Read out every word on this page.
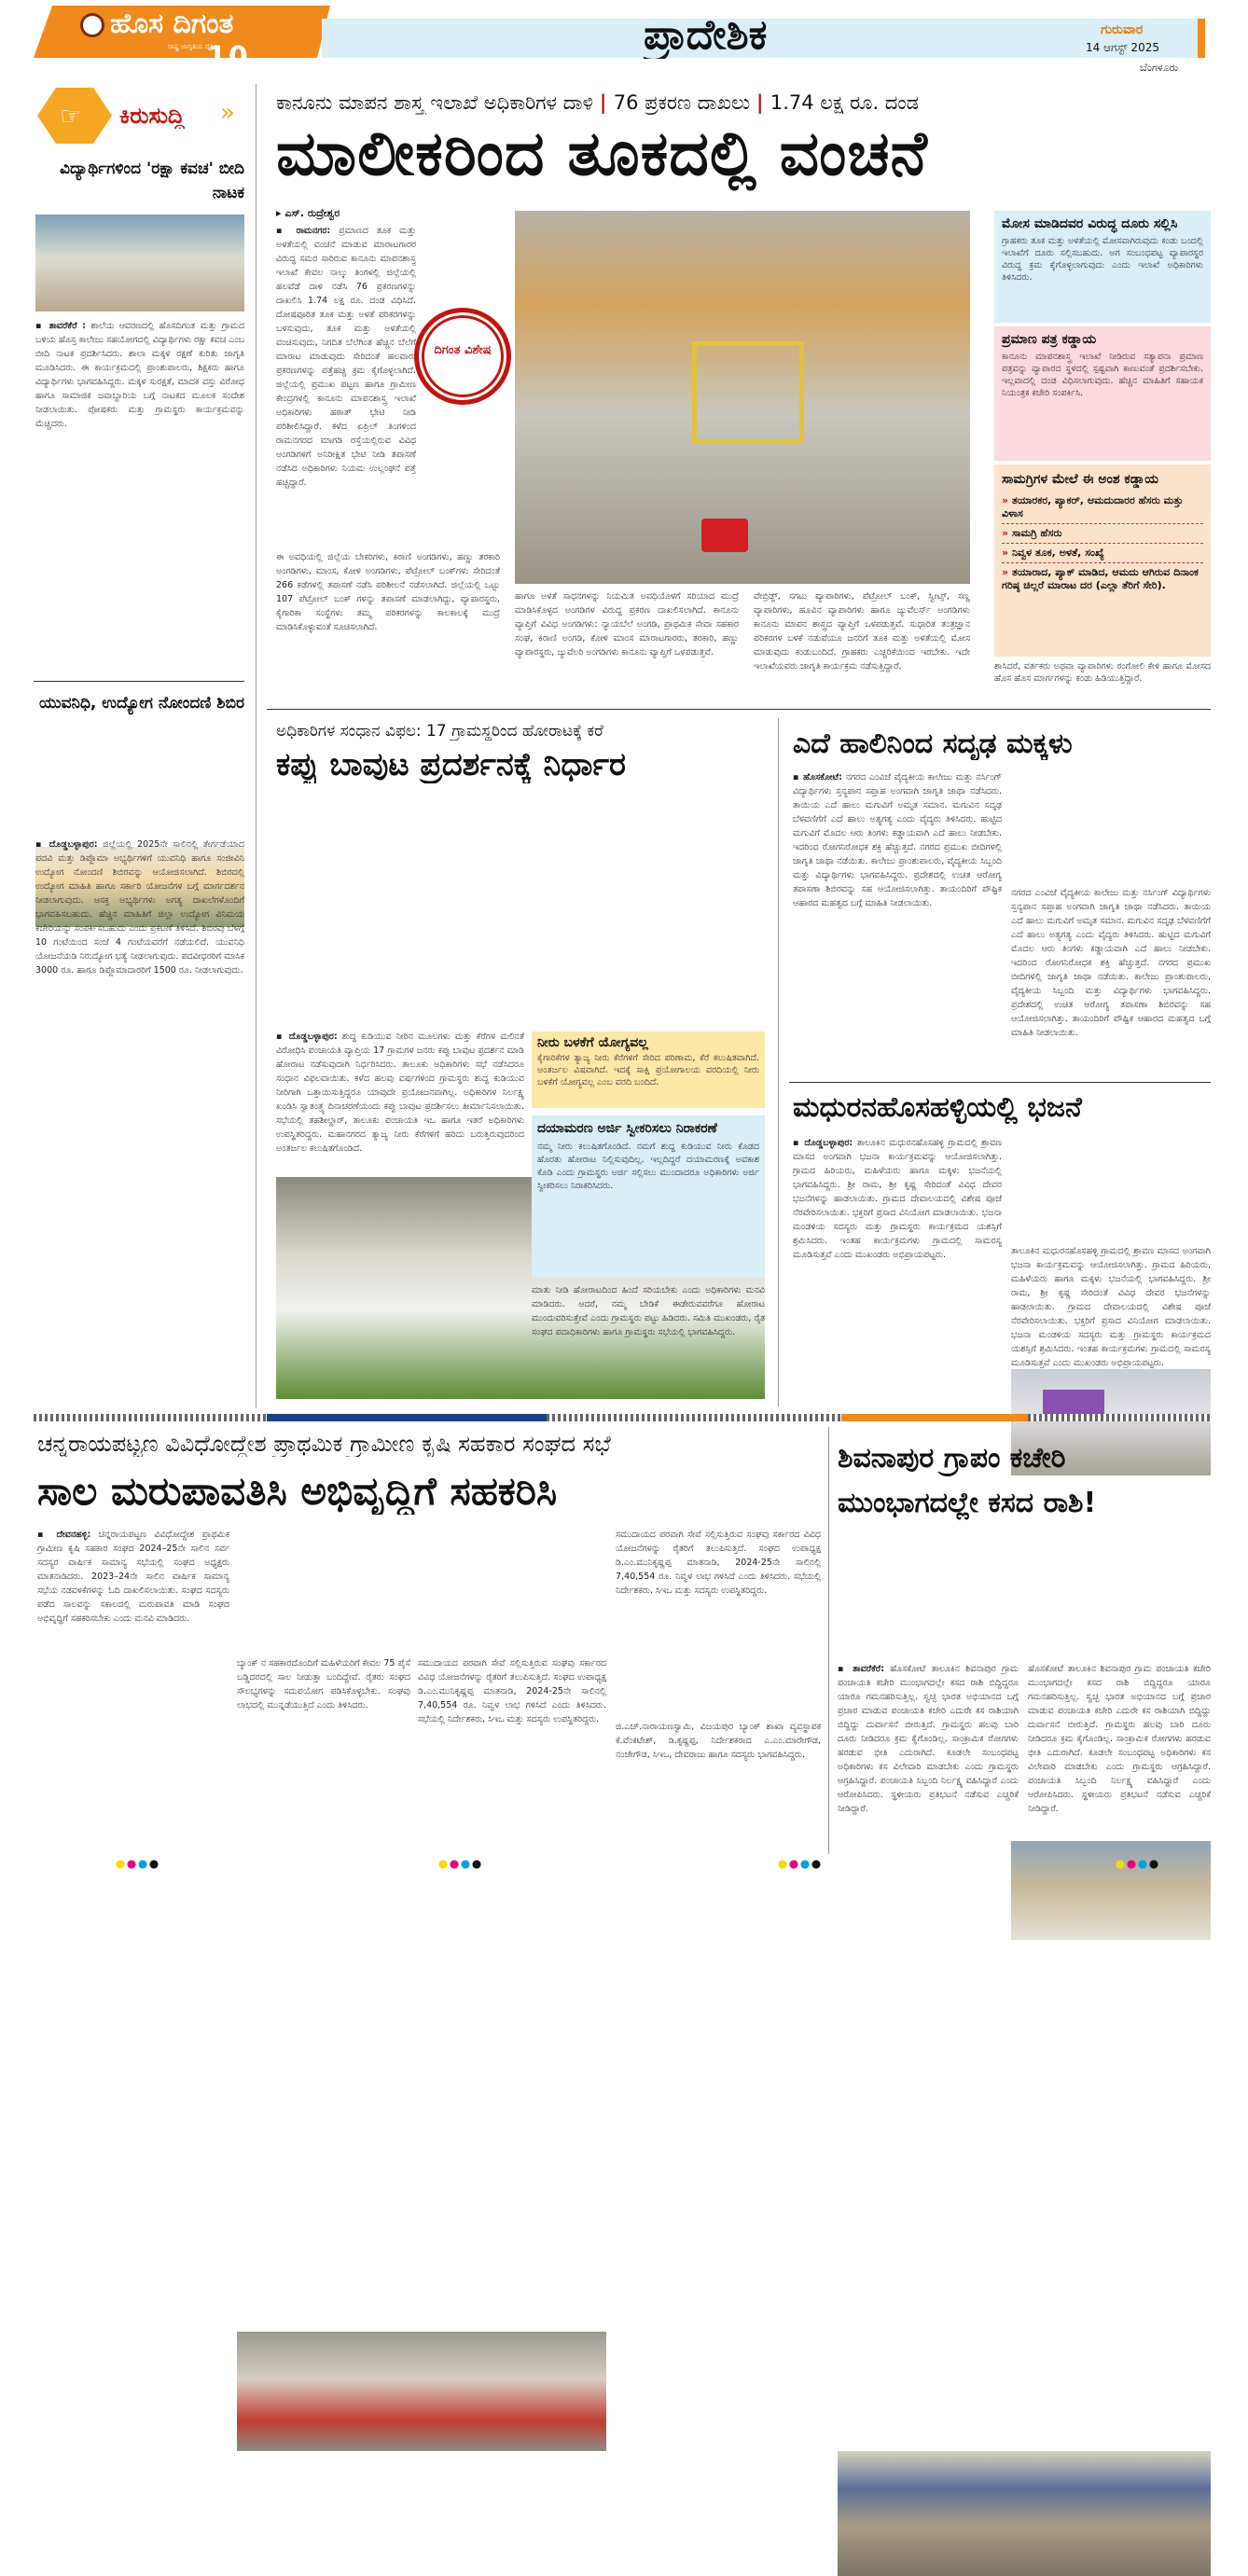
ಹೊಸ ದಿಗಂತ
ರಾಷ್ಟ್ರ ಜಾಗೃತಿಯ ದೈನಿಕ
10	ಪ್ರಾದೇಶಿಕ	ಗುರುವಾರ
14 ಆಗಸ್ಟ್ 2025
ಬೆಂಗಳೂರು
☞ ಕಿರುಸುದ್ದಿ »
ವಿದ್ಯಾರ್ಥಿಗಳಿಂದ 'ರಕ್ಷಾ ಕವಚ' ಬೀದಿ ನಾಟಕ
▪ ತಾವರೆಕೆರೆ : ಶಾಲೆಯ ಆವರಣದಲ್ಲಿ ಹೊಸದಿಗಂತ ಮತ್ತು ಗ್ರಾಮದ ಬಳಿಯ ಹೊಸ್ತ ಕಾಲೇಜು ಸಹಯೋಗದಲ್ಲಿ ವಿದ್ಯಾರ್ಥಿಗಳು ರಕ್ಷಾ ಕವಚ ಎಂಬ ಬೀದಿ ನಾಟಕ ಪ್ರದರ್ಶಿಸಿದರು. ಶಾಲಾ ಮಕ್ಕಳ ರಕ್ಷಣೆ ಕುರಿತು ಜಾಗೃತಿ ಮೂಡಿಸಿದರು. ಈ ಕಾರ್ಯಕ್ರಮದಲ್ಲಿ ಪ್ರಾಂಶುಪಾಲರು, ಶಿಕ್ಷಕರು ಹಾಗೂ ವಿದ್ಯಾರ್ಥಿಗಳು ಭಾಗವಹಿಸಿದ್ದರು. ಮಕ್ಕಳ ಸುರಕ್ಷತೆ, ಮಾದಕ ವಸ್ತು ವಿರೋಧ ಹಾಗೂ ಸಾಮಾಜಿಕ ಜವಾಬ್ದಾರಿಯ ಬಗ್ಗೆ ನಾಟಕದ ಮೂಲಕ ಸಂದೇಶ ನೀಡಲಾಯಿತು. ಪೋಷಕರು ಮತ್ತು ಗ್ರಾಮಸ್ಥರು ಕಾರ್ಯಕ್ರಮವನ್ನು ಮೆಚ್ಚಿದರು.
ಯುವನಿಧಿ, ಉದ್ಯೋಗ ನೋಂದಣಿ ಶಿಬಿರ
▪ ದೊಡ್ಡಬಳ್ಳಾಪುರ: ಜಿಲ್ಲೆಯಲ್ಲಿ 2025ನೇ ಸಾಲಿನಲ್ಲಿ ತೇರ್ಗಡೆಯಾದ ಪದವಿ ಮತ್ತು ಡಿಪ್ಲೊಮಾ ಅಭ್ಯರ್ಥಿಗಳಿಗೆ ಯುವನಿಧಿ ಹಾಗೂ ಸಂಜೀವಿನಿ ಉದ್ಯೋಗ ನೋಂದಣಿ ಶಿಬಿರವನ್ನು ಆಯೋಜಿಸಲಾಗಿದೆ. ಶಿಬಿರದಲ್ಲಿ ಉದ್ಯೋಗ ಮಾಹಿತಿ ಹಾಗೂ ಸರ್ಕಾರಿ ಯೋಜನೆಗಳ ಬಗ್ಗೆ ಮಾರ್ಗದರ್ಶನ ನೀಡಲಾಗುವುದು. ಆಸಕ್ತ ಅಭ್ಯರ್ಥಿಗಳು ಅಗತ್ಯ ದಾಖಲೆಗಳೊಂದಿಗೆ ಭಾಗವಹಿಸಬಹುದು. ಹೆಚ್ಚಿನ ಮಾಹಿತಿಗೆ ಜಿಲ್ಲಾ ಉದ್ಯೋಗ ವಿನಿಮಯ ಕಚೇರಿಯನ್ನು ಸಂಪರ್ಕಿಸಬಹುದು ಎಂದು ಪ್ರಕಟಣೆ ತಿಳಿಸಿದೆ. ಶಿಬಿರವು ಬೆಳಗ್ಗೆ 10 ಗಂಟೆಯಿಂದ ಸಂಜೆ 4 ಗಂಟೆಯವರೆಗೆ ನಡೆಯಲಿದೆ. ಯುವನಿಧಿ ಯೋಜನೆಯಡಿ ನಿರುದ್ಯೋಗ ಭತ್ಯೆ ನೀಡಲಾಗುವುದು. ಪದವೀಧರರಿಗೆ ಮಾಸಿಕ 3000 ರೂ. ಹಾಗೂ ಡಿಪ್ಲೊಮಾದಾರರಿಗೆ 1500 ರೂ. ನೀಡಲಾಗುವುದು.
ಕಾನೂನು ಮಾಪನ ಶಾಸ್ತ್ರ ಇಲಾಖೆ ಅಧಿಕಾರಿಗಳ ದಾಳಿ | 76 ಪ್ರಕರಣ ದಾಖಲು | 1.74 ಲಕ್ಷ ರೂ. ದಂಡ
ಮಾಲೀಕರಿಂದ ತೂಕದಲ್ಲಿ ವಂಚನೆ
▸ ಎಸ್. ರುದ್ರೇಶ್ವರ
ದಿಗಂತ ವಿಶೇಷ
▪ ರಾಮನಗರ: ಪ್ರಮಾಣದ ತೂಕ ಮತ್ತು ಅಳತೆಯಲ್ಲಿ ವಂಚನೆ ಮಾಡುವ ಮಾರಾಟಗಾರರ ವಿರುದ್ಧ ಸಮರ ಸಾರಿರುವ ಕಾನೂನು ಮಾಪನಶಾಸ್ತ್ರ ಇಲಾಖೆ ಕೇವಲ ನಾಲ್ಕು ತಿಂಗಳಲ್ಲಿ ಜಿಲ್ಲೆಯಲ್ಲಿ ಹಲವೆಡೆ ದಾಳಿ ನಡೆಸಿ 76 ಪ್ರಕರಣಗಳನ್ನು ದಾಖಲಿಸಿ 1.74 ಲಕ್ಷ ರೂ. ದಂಡ ವಿಧಿಸಿದೆ. ದೋಷಪೂರಿತ ತೂಕ ಮತ್ತು ಅಳತೆ ಪರಿಕರಗಳನ್ನು ಬಳಸುವುದು, ತೂಕ ಮತ್ತು ಅಳತೆಯಲ್ಲಿ ವಂಚಿಸುವುದು, ನಿಗದಿತ ಬೆಲೆಗಿಂತ ಹೆಚ್ಚಿನ ಬೆಲೆಗೆ ಮಾರಾಟ ಮಾಡುವುದು ಸೇರಿದಂತೆ ಹಲವಾರು ಪ್ರಕರಣಗಳನ್ನು ಪತ್ತೆಹಚ್ಚಿ ಕ್ರಮ ಕೈಗೊಳ್ಳಲಾಗಿದೆ. ಜಿಲ್ಲೆಯಲ್ಲಿ ಪ್ರಮುಖ ಪಟ್ಟಣ ಹಾಗೂ ಗ್ರಾಮೀಣ ಕೇಂದ್ರಗಳಲ್ಲಿ ಕಾನೂನು ಮಾಪನಶಾಸ್ತ್ರ ಇಲಾಖೆ ಅಧಿಕಾರಿಗಳು ಹಠಾತ್ ಭೇಟಿ ನೀಡಿ ಪರಿಶೀಲಿಸಿದ್ದಾರೆ. ಕಳೆದ ಏಪ್ರಿಲ್ ತಿಂಗಳಿಂದ ರಾಮನಗರದ ಮಾಗಡಿ ರಸ್ತೆಯಲ್ಲಿರುವ ವಿವಿಧ ಅಂಗಡಿಗಳಿಗೆ ಅನಿರೀಕ್ಷಿತ ಭೇಟಿ ನೀಡಿ ತಪಾಸಣೆ ನಡೆಸಿದ ಅಧಿಕಾರಿಗಳು ನಿಯಮ ಉಲ್ಲಂಘನೆ ಪತ್ತೆ ಹಚ್ಚಿದ್ದಾರೆ.
ಈ ಅವಧಿಯಲ್ಲಿ ಜಿಲ್ಲೆಯ ಬೇಕರಿಗಳು, ಕಿರಾಣಿ ಅಂಗಡಿಗಳು, ಹಣ್ಣು ತರಕಾರಿ ಅಂಗಡಿಗಳು, ಮಾಂಸ, ಕೋಳಿ ಅಂಗಡಿಗಳು, ಪೆಟ್ರೋಲ್ ಬಂಕ್‌ಗಳು ಸೇರಿದಂತೆ 266 ಕಡೆಗಳಲ್ಲಿ ತಪಾಸಣೆ ನಡೆಸಿ ಪರಿಶೀಲನೆ ನಡೆಸಲಾಗಿದೆ. ಜಿಲ್ಲೆಯಲ್ಲಿ ಒಟ್ಟು 107 ಪೆಟ್ರೋಲ್ ಬಂಕ್ ಗಳನ್ನು ತಪಾಸಣೆ ಮಾಡಲಾಗಿದ್ದು, ವ್ಯಾಪಾರಸ್ಥರು, ಕೈಗಾರಿಕಾ ಸಂಸ್ಥೆಗಳು ತಮ್ಮ ಪರಿಕರಗಳನ್ನು ಕಾಲಕಾಲಕ್ಕೆ ಮುದ್ರೆ ಮಾಡಿಸಿಕೊಳ್ಳುವಂತೆ ಸೂಚಿಸಲಾಗಿದೆ.
ಹಾಗೂ ಅಳತೆ ಸಾಧನಗಳನ್ನು ನಿಯಮಿತ ಅವಧಿಯೊಳಗೆ ಸರಿಯಾದ ಮುದ್ರೆ ಮಾಡಿಸಿಕೊಳ್ಳದ ಅಂಗಡಿಗಳ ವಿರುದ್ಧ ಪ್ರಕರಣ ದಾಖಲಿಸಲಾಗಿದೆ. ಕಾನೂನು ವ್ಯಾಪ್ತಿಗೆ ವಿವಿಧ ಅಂಗಡಿಗಳು: ನ್ಯಾಯಬೆಲೆ ಅಂಗಡಿ, ಪ್ರಾಥಮಿಕ ಸೇವಾ ಸಹಕಾರ ಸಂಘ, ಕಿರಾಣಿ ಅಂಗಡಿ, ಕೋಳಿ ಮಾಂಸ ಮಾರಾಟಗಾರರು, ತರಕಾರಿ, ಹಣ್ಣು ವ್ಯಾಪಾರಸ್ಥರು, ಜ್ಯುವೆಲರಿ ಅಂಗಡಿಗಳು ಕಾನೂನು ವ್ಯಾಪ್ತಿಗೆ ಒಳಪಡುತ್ತವೆ.
ವೇಬ್ರಿಡ್ಜ್, ಸಗಟು ವ್ಯಾಪಾರಿಗಳು, ಪೆಟ್ರೋಲ್ ಬಂಕ್, ಸ್ವೀಟ್ಸ್, ಸಣ್ಣ ವ್ಯಾಪಾರಿಗಳು, ಹೂವಿನ ವ್ಯಾಪಾರಿಗಳು ಹಾಗೂ ಜ್ಯುವೆಲರ್ಸ್ ಅಂಗಡಿಗಳು ಕಾನೂನು ಮಾಪನ ಶಾಸ್ತ್ರದ ವ್ಯಾಪ್ತಿಗೆ ಒಳಪಡುತ್ತವೆ. ಸುಧಾರಿತ ತಂತ್ರಜ್ಞಾನ ಪರಿಕರಗಳ ಬಳಕೆ ನಡುವೆಯೂ ಜನರಿಗೆ ತೂಕ ಮತ್ತು ಅಳತೆಯಲ್ಲಿ ಮೋಸ ಮಾಡುವುದು ಕಂಡುಬಂದಿದೆ. ಗ್ರಾಹಕರು ಎಚ್ಚರಿಕೆಯಿಂದ ಇರಬೇಕು. ಇದೇ ಇಲಾಖೆಯವರು ಜಾಗೃತಿ ಕಾರ್ಯಕ್ರಮ ನಡೆಸುತ್ತಿದ್ದಾರೆ.
ಮೋಸ ಮಾಡಿದವರ ವಿರುದ್ಧ ದೂರು ಸಲ್ಲಿಸಿ
ಗ್ರಾಹಕರು ತೂಕ ಮತ್ತು ಅಳತೆಯಲ್ಲಿ ಮೋಸವಾಗಿರುವುದು ಕಂಡು ಬಂದಲ್ಲಿ ಇಲಾಖೆಗೆ ದೂರು ಸಲ್ಲಿಸಬಹುದು. ಅಗ ಸಂಬಂಧಪಟ್ಟ ವ್ಯಾಪಾರಸ್ಥರ ವಿರುದ್ಧ ಕ್ರಮ ಕೈಗೊಳ್ಳಲಾಗುವುದು ಎಂದು ಇಲಾಖೆ ಅಧಿಕಾರಿಗಳು ತಿಳಿಸಿದರು.
ಪ್ರಮಾಣ ಪತ್ರ ಕಡ್ಡಾಯ
ಕಾನೂನು ಮಾಪನಶಾಸ್ತ್ರ ಇಲಾಖೆ ನೀಡಿರುವ ಸತ್ಯಾಪನಾ ಪ್ರಮಾಣ ಪತ್ರವನ್ನು ವ್ಯಾಪಾರದ ಸ್ಥಳದಲ್ಲಿ ಸ್ಪಷ್ಟವಾಗಿ ಕಾಣುವಂತೆ ಪ್ರದರ್ಶಿಸಬೇಕು. ಇಲ್ಲವಾದಲ್ಲಿ ದಂಡ ವಿಧಿಸಲಾಗುವುದು. ಹೆಚ್ಚಿನ ಮಾಹಿತಿಗೆ ಸಹಾಯಕ ನಿಯಂತ್ರಕ ಕಚೇರಿ ಸಂಪರ್ಕಿಸಿ.
ಸಾಮಗ್ರಿಗಳ ಮೇಲೆ ಈ ಅಂಶ ಕಡ್ಡಾಯ
» ತಯಾರಕರ, ಪ್ಯಾಕರ್, ಆಮದುದಾರರ ಹೆಸರು ಮತ್ತು ವಿಳಾಸ
» ಸಾಮಗ್ರಿ ಹೆಸರು
» ನಿವ್ವಳ ತೂಕ, ಅಳತೆ, ಸಂಖ್ಯೆ
» ತಯಾರಾದ, ಪ್ಯಾಕ್ ಮಾಡಿದ, ಆಮದು ಆಗಿರುವ ದಿನಾಂಕ ಗರಿಷ್ಠ ಚಿಲ್ಲರೆ ಮಾರಾಟ ದರ (ಎಲ್ಲಾ ತೆರಿಗೆ ಸೇರಿ).
ಶಾಸಿದರೆ, ವರ್ತಕರು ಅಥವಾ ವ್ಯಾಪಾರಿಗಳು ರಂಗೋಲಿ ಕೇಳಿ ಹಾಗೂ ಮೋಸದ ಹೊಸ ಹೊಸ ಮಾರ್ಗಗಳನ್ನು ಕಂಡು ಹಿಡಿಯುತ್ತಿದ್ದಾರೆ.
ಅಧಿಕಾರಿಗಳ ಸಂಧಾನ ವಿಫಲ: 17 ಗ್ರಾಮಸ್ಥರಿಂದ ಹೋರಾಟಕ್ಕೆ ಕರೆ
ಕಪ್ಪು ಬಾವುಟ ಪ್ರದರ್ಶನಕ್ಕೆ ನಿರ್ಧಾರ
▪ ದೊಡ್ಡಬಳ್ಳಾಪುರ: ಶುದ್ಧ ಕುಡಿಯುವ ನೀರಿನ ಮೂಲಗಳು ಮತ್ತು ಕೆರೆಗಳ ಮಲಿನತೆ ವಿರೋಧಿಸಿ ಪಂಚಾಯತಿ ವ್ಯಾಪ್ತಿಯ 17 ಗ್ರಾಮಗಳ ಜನರು ಕಪ್ಪು ಬಾವುಟ ಪ್ರದರ್ಶನ ಮಾಡಿ ಹೋರಾಟ ನಡೆಸುವುದಾಗಿ ನಿರ್ಧರಿಸಿದರು. ತಾಲೂಕು ಅಧಿಕಾರಿಗಳು ಸಭೆ ನಡೆಸಿದರೂ ಸಂಧಾನ ವಿಫಲವಾಯಿತು. ಕಳೆದ ಹಲವು ವರ್ಷಗಳಿಂದ ಗ್ರಾಮಸ್ಥರು ಶುದ್ಧ ಕುಡಿಯುವ ನೀರಿಗಾಗಿ ಒತ್ತಾಯಿಸುತ್ತಿದ್ದರೂ ಯಾವುದೇ ಪ್ರಯೋಜನವಾಗಿಲ್ಲ. ಅಧಿಕಾರಿಗಳ ನಿರ್ಲಕ್ಷ್ಯ ಖಂಡಿಸಿ ಸ್ವಾತಂತ್ರ್ಯ ದಿನಾಚರಣೆಯಂದು ಕಪ್ಪು ಬಾವುಟ ಪ್ರದರ್ಶಿಸಲು ತೀರ್ಮಾನಿಸಲಾಯಿತು. ಸಭೆಯಲ್ಲಿ ತಹಶೀಲ್ದಾರ್, ತಾಲೂಕು ಪಂಚಾಯತಿ ಇಒ ಹಾಗೂ ಇತರೆ ಅಧಿಕಾರಿಗಳು ಉಪಸ್ಥಿತರಿದ್ದರು. ಮಹಾನಗರದ ತ್ಯಾಜ್ಯ ನೀರು ಕೆರೆಗಳಿಗೆ ಹರಿದು ಬರುತ್ತಿರುವುದರಿಂದ ಅಂತರ್ಜಲ ಕಲುಷಿತಗೊಂಡಿದೆ.
ನೀರು ಬಳಕೆಗೆ ಯೋಗ್ಯವಲ್ಲ
ಕೈಗಾರಿಕೆಗಳ ತ್ಯಾಜ್ಯ ನೀರು ಕೆರೆಗಳಿಗೆ ಸೇರಿದ ಪರಿಣಾಮ, ಕೆರೆ ಕಲುಷಿತವಾಗಿದೆ. ಅಂತರ್ಜಲ ವಿಷವಾಗಿದೆ. ಇದಕ್ಕೆ ಸಾಕ್ಷಿ ಪ್ರಯೋಗಾಲಯ ವರದಿಯಲ್ಲಿ ನೀರು ಬಳಕೆಗೆ ಯೋಗ್ಯವಲ್ಲ ಎಂಬ ವರದಿ ಬಂದಿದೆ.
ದಯಾಮರಣ ಅರ್ಜಿ ಸ್ವೀಕರಿಸಲು ನಿರಾಕರಣೆ
ನಮ್ಮ ನೀರು ಕಲುಷಿತಗೊಂಡಿದೆ. ನಮಗೆ ಶುದ್ಧ ಕುಡಿಯುವ ನೀರು ಕೊಡದ ಹೊರತು ಹೋರಾಟ ನಿಲ್ಲಿಸುವುದಿಲ್ಲ. ಇಲ್ಲದಿದ್ದರೆ ದಯಾಮರಣಕ್ಕೆ ಅವಕಾಶ ಕೊಡಿ ಎಂದು ಗ್ರಾಮಸ್ಥರು ಅರ್ಜಿ ಸಲ್ಲಿಸಲು ಮುಂದಾದರೂ ಅಧಿಕಾರಿಗಳು ಅರ್ಜಿ ಸ್ವೀಕರಿಸಲು ನಿರಾಕರಿಸಿದರು.
ಮಾತು ನೀಡಿ ಹೋರಾಟದಿಂದ ಹಿಂದೆ ಸರಿಯಬೇಕು ಎಂದು ಅಧಿಕಾರಿಗಳು ಮನವಿ ಮಾಡಿದರು. ಆದರೆ, ನಮ್ಮ ಬೇಡಿಕೆ ಈಡೇರುವವರೆಗೂ ಹೋರಾಟ ಮುಂದುವರಿಸುತ್ತೇವೆ ಎಂದು ಗ್ರಾಮಸ್ಥರು ಪಟ್ಟು ಹಿಡಿದರು. ಸಮಿತಿ ಮುಖಂಡರು, ರೈತ ಸಂಘದ ಪದಾಧಿಕಾರಿಗಳು ಹಾಗೂ ಗ್ರಾಮಸ್ಥರು ಸಭೆಯಲ್ಲಿ ಭಾಗವಹಿಸಿದ್ದರು.
ಎದೆ ಹಾಲಿನಿಂದ ಸದೃಢ ಮಕ್ಕಳು
▪ ಹೊಸಕೋಟೆ: ನಗರದ ಎಂವಿಜೆ ವೈದ್ಯಕೀಯ ಕಾಲೇಜು ಮತ್ತು ನರ್ಸಿಂಗ್ ವಿದ್ಯಾರ್ಥಿಗಳು ಸ್ತನ್ಯಪಾನ ಸಪ್ತಾಹ ಅಂಗವಾಗಿ ಜಾಗೃತಿ ಜಾಥಾ ನಡೆಸಿದರು. ತಾಯಿಯ ಎದೆ ಹಾಲು ಮಗುವಿಗೆ ಅಮೃತ ಸಮಾನ. ಮಗುವಿನ ಸದೃಢ ಬೆಳವಣಿಗೆಗೆ ಎದೆ ಹಾಲು ಅತ್ಯಗತ್ಯ ಎಂದು ವೈದ್ಯರು ತಿಳಿಸಿದರು. ಹುಟ್ಟಿದ ಮಗುವಿಗೆ ಮೊದಲ ಆರು ತಿಂಗಳು ಕಡ್ಡಾಯವಾಗಿ ಎದೆ ಹಾಲು ನೀಡಬೇಕು. ಇದರಿಂದ ರೋಗನಿರೋಧಕ ಶಕ್ತಿ ಹೆಚ್ಚುತ್ತದೆ. ನಗರದ ಪ್ರಮುಖ ಬೀದಿಗಳಲ್ಲಿ ಜಾಗೃತಿ ಜಾಥಾ ನಡೆಯಿತು. ಕಾಲೇಜು ಪ್ರಾಂಶುಪಾಲರು, ವೈದ್ಯಕೀಯ ಸಿಬ್ಬಂದಿ ಮತ್ತು ವಿದ್ಯಾರ್ಥಿಗಳು ಭಾಗವಹಿಸಿದ್ದರು. ಪ್ರದೇಶದಲ್ಲಿ ಉಚಿತ ಆರೋಗ್ಯ ತಪಾಸಣಾ ಶಿಬಿರವನ್ನು ಸಹ ಆಯೋಜಿಸಲಾಗಿತ್ತು. ತಾಯಂದಿರಿಗೆ ಪೌಷ್ಟಿಕ ಆಹಾರದ ಮಹತ್ವದ ಬಗ್ಗೆ ಮಾಹಿತಿ ನೀಡಲಾಯಿತು.
ನಗರದ ಎಂವಿಜೆ ವೈದ್ಯಕೀಯ ಕಾಲೇಜು ಮತ್ತು ನರ್ಸಿಂಗ್ ವಿದ್ಯಾರ್ಥಿಗಳು ಸ್ತನ್ಯಪಾನ ಸಪ್ತಾಹ ಅಂಗವಾಗಿ ಜಾಗೃತಿ ಜಾಥಾ ನಡೆಸಿದರು. ತಾಯಿಯ ಎದೆ ಹಾಲು ಮಗುವಿಗೆ ಅಮೃತ ಸಮಾನ. ಮಗುವಿನ ಸದೃಢ ಬೆಳವಣಿಗೆಗೆ ಎದೆ ಹಾಲು ಅತ್ಯಗತ್ಯ ಎಂದು ವೈದ್ಯರು ತಿಳಿಸಿದರು. ಹುಟ್ಟಿದ ಮಗುವಿಗೆ ಮೊದಲ ಆರು ತಿಂಗಳು ಕಡ್ಡಾಯವಾಗಿ ಎದೆ ಹಾಲು ನೀಡಬೇಕು. ಇದರಿಂದ ರೋಗನಿರೋಧಕ ಶಕ್ತಿ ಹೆಚ್ಚುತ್ತದೆ. ನಗರದ ಪ್ರಮುಖ ಬೀದಿಗಳಲ್ಲಿ ಜಾಗೃತಿ ಜಾಥಾ ನಡೆಯಿತು. ಕಾಲೇಜು ಪ್ರಾಂಶುಪಾಲರು, ವೈದ್ಯಕೀಯ ಸಿಬ್ಬಂದಿ ಮತ್ತು ವಿದ್ಯಾರ್ಥಿಗಳು ಭಾಗವಹಿಸಿದ್ದರು. ಪ್ರದೇಶದಲ್ಲಿ ಉಚಿತ ಆರೋಗ್ಯ ತಪಾಸಣಾ ಶಿಬಿರವನ್ನು ಸಹ ಆಯೋಜಿಸಲಾಗಿತ್ತು. ತಾಯಂದಿರಿಗೆ ಪೌಷ್ಟಿಕ ಆಹಾರದ ಮಹತ್ವದ ಬಗ್ಗೆ ಮಾಹಿತಿ ನೀಡಲಾಯಿತು.
ಮಧುರನಹೊಸಹಳ್ಳಿಯಲ್ಲಿ ಭಜನೆ
▪ ದೊಡ್ಡಬಳ್ಳಾಪುರ: ತಾಲೂಕಿನ ಮಧುರನಹೊಸಹಳ್ಳಿ ಗ್ರಾಮದಲ್ಲಿ ಶ್ರಾವಣ ಮಾಸದ ಅಂಗವಾಗಿ ಭಜನಾ ಕಾರ್ಯಕ್ರಮವನ್ನು ಆಯೋಜಿಸಲಾಗಿತ್ತು. ಗ್ರಾಮದ ಹಿರಿಯರು, ಮಹಿಳೆಯರು ಹಾಗೂ ಮಕ್ಕಳು ಭಜನೆಯಲ್ಲಿ ಭಾಗವಹಿಸಿದ್ದರು. ಶ್ರೀ ರಾಮ, ಶ್ರೀ ಕೃಷ್ಣ ಸೇರಿದಂತೆ ವಿವಿಧ ದೇವರ ಭಜನೆಗಳನ್ನು ಹಾಡಲಾಯಿತು. ಗ್ರಾಮದ ದೇವಾಲಯದಲ್ಲಿ ವಿಶೇಷ ಪೂಜೆ ನೆರವೇರಿಸಲಾಯಿತು. ಭಕ್ತರಿಗೆ ಪ್ರಸಾದ ವಿನಿಯೋಗ ಮಾಡಲಾಯಿತು. ಭಜನಾ ಮಂಡಳಿಯ ಸದಸ್ಯರು ಮತ್ತು ಗ್ರಾಮಸ್ಥರು ಕಾರ್ಯಕ್ರಮದ ಯಶಸ್ಸಿಗೆ ಶ್ರಮಿಸಿದರು. ಇಂತಹ ಕಾರ್ಯಕ್ರಮಗಳು ಗ್ರಾಮದಲ್ಲಿ ಸಾಮರಸ್ಯ ಮೂಡಿಸುತ್ತವೆ ಎಂದು ಮುಖಂಡರು ಅಭಿಪ್ರಾಯಪಟ್ಟರು.	ತಾಲೂಕಿನ ಮಧುರನಹೊಸಹಳ್ಳಿ ಗ್ರಾಮದಲ್ಲಿ ಶ್ರಾವಣ ಮಾಸದ ಅಂಗವಾಗಿ ಭಜನಾ ಕಾರ್ಯಕ್ರಮವನ್ನು ಆಯೋಜಿಸಲಾಗಿತ್ತು. ಗ್ರಾಮದ ಹಿರಿಯರು, ಮಹಿಳೆಯರು ಹಾಗೂ ಮಕ್ಕಳು ಭಜನೆಯಲ್ಲಿ ಭಾಗವಹಿಸಿದ್ದರು. ಶ್ರೀ ರಾಮ, ಶ್ರೀ ಕೃಷ್ಣ ಸೇರಿದಂತೆ ವಿವಿಧ ದೇವರ ಭಜನೆಗಳನ್ನು ಹಾಡಲಾಯಿತು. ಗ್ರಾಮದ ದೇವಾಲಯದಲ್ಲಿ ವಿಶೇಷ ಪೂಜೆ ನೆರವೇರಿಸಲಾಯಿತು. ಭಕ್ತರಿಗೆ ಪ್ರಸಾದ ವಿನಿಯೋಗ ಮಾಡಲಾಯಿತು. ಭಜನಾ ಮಂಡಳಿಯ ಸದಸ್ಯರು ಮತ್ತು ಗ್ರಾಮಸ್ಥರು ಕಾರ್ಯಕ್ರಮದ ಯಶಸ್ಸಿಗೆ ಶ್ರಮಿಸಿದರು. ಇಂತಹ ಕಾರ್ಯಕ್ರಮಗಳು ಗ್ರಾಮದಲ್ಲಿ ಸಾಮರಸ್ಯ ಮೂಡಿಸುತ್ತವೆ ಎಂದು ಮುಖಂಡರು ಅಭಿಪ್ರಾಯಪಟ್ಟರು.
ಚನ್ನರಾಯಪಟ್ಟಣ ವಿವಿಧೋದ್ದೇಶ ಪ್ರಾಥಮಿಕ ಗ್ರಾಮೀಣ ಕೃಷಿ ಸಹಕಾರ ಸಂಘದ ಸಭೆ
ಸಾಲ ಮರುಪಾವತಿಸಿ ಅಭಿವೃದ್ಧಿಗೆ ಸಹಕರಿಸಿ
▪ ದೇವನಹಳ್ಳಿ: ಚನ್ನರಾಯಪಟ್ಟಣ ವಿವಿಧೋದ್ದೇಶ ಪ್ರಾಥಮಿಕ ಗ್ರಾಮೀಣ ಕೃಷಿ ಸಹಕಾರ ಸಂಘದ 2024–25ನೇ ಸಾಲಿನ ಸರ್ವ ಸದಸ್ಯರ ವಾರ್ಷಿಕ ಸಾಮಾನ್ಯ ಸಭೆಯಲ್ಲಿ ಸಂಘದ ಅಧ್ಯಕ್ಷರು ಮಾತನಾಡಿದರು. 2023–24ನೇ ಸಾಲಿನ ವಾರ್ಷಿಕ ಸಾಮಾನ್ಯ ಸಭೆಯ ನಡವಳಿಕೆಗಳನ್ನು ಓದಿ ದಾಖಲಿಸಲಾಯಿತು. ಸಂಘದ ಸದಸ್ಯರು ಪಡೆದ ಸಾಲವನ್ನು ಸಕಾಲದಲ್ಲಿ ಮರುಪಾವತಿ ಮಾಡಿ ಸಂಘದ ಅಭಿವೃದ್ಧಿಗೆ ಸಹಕರಿಸಬೇಕು ಎಂದು ಮನವಿ ಮಾಡಿದರು.
ಬ್ಯಾಂಕ್ ನ ಸಹಕಾರದೊಂದಿಗೆ ಮಹಿಳೆಯರಿಗೆ ಕೇವಲ 75 ಪೈಸೆ ಬಡ್ಡಿದರದಲ್ಲಿ ಸಾಲ ನೀಡುತ್ತಾ ಬಂದಿದ್ದೇವೆ. ರೈತರು ಸಂಘದ ಸೌಲಭ್ಯಗಳನ್ನು ಸದುಪಯೋಗ ಪಡಿಸಿಕೊಳ್ಳಬೇಕು. ಸಂಘವು ಲಾಭದಲ್ಲಿ ಮುನ್ನಡೆಯುತ್ತಿದೆ ಎಂದು ತಿಳಿಸಿದರು.
ಸಮುದಾಯದ ಪರವಾಗಿ ಸೇವೆ ಸಲ್ಲಿಸುತ್ತಿರುವ ಸಂಘವು ಸರ್ಕಾರದ ವಿವಿಧ ಯೋಜನೆಗಳನ್ನು ರೈತರಿಗೆ ತಲುಪಿಸುತ್ತಿದೆ. ಸಂಘದ ಉಪಾಧ್ಯಕ್ಷ ಡಿ.ಎಂ.ಮುನಿಕೃಷ್ಣಪ್ಪ ಮಾತನಾಡಿ, 2024-25ನೇ ಸಾಲಿನಲ್ಲಿ 7,40,554 ರೂ. ನಿವ್ವಳ ಲಾಭ ಗಳಿಸಿದೆ ಎಂದು ತಿಳಿಸಿದರು. ಸಭೆಯಲ್ಲಿ ನಿರ್ದೇಶಕರು, ಸಿಇಒ ಮತ್ತು ಸದಸ್ಯರು ಉಪಸ್ಥಿತರಿದ್ದರು.
ಸಮುದಾಯದ ಪರವಾಗಿ ಸೇವೆ ಸಲ್ಲಿಸುತ್ತಿರುವ ಸಂಘವು ಸರ್ಕಾರದ ವಿವಿಧ ಯೋಜನೆಗಳನ್ನು ರೈತರಿಗೆ ತಲುಪಿಸುತ್ತಿದೆ. ಸಂಘದ ಉಪಾಧ್ಯಕ್ಷ ಡಿ.ಎಂ.ಮುನಿಕೃಷ್ಣಪ್ಪ ಮಾತನಾಡಿ, 2024-25ನೇ ಸಾಲಿನಲ್ಲಿ 7,40,554 ರೂ. ನಿವ್ವಳ ಲಾಭ ಗಳಿಸಿದೆ ಎಂದು ತಿಳಿಸಿದರು. ಸಭೆಯಲ್ಲಿ ನಿರ್ದೇಶಕರು, ಸಿಇಒ ಮತ್ತು ಸದಸ್ಯರು ಉಪಸ್ಥಿತರಿದ್ದರು.
ಜಿ.ಎಚ್.ನಾರಾಯಣಸ್ವಾಮಿ, ವಿಜಯಪುರ ಬ್ಯಾಂಕ್ ಶಾಖಾ ವ್ಯವಸ್ಥಾಪಕ ಕೆ.ವೆಂಕಟೇಶ್, ಡಿ.ಕೃಷ್ಣಪ್ಪ, ನಿರ್ದೇಶಕರಾದ ಎ.ಎಂ.ಮಾರೇಗೌಡ, ನಂಜೇಗೌಡ, ಸಿಇಒ, ದೇವರಾಜು ಹಾಗೂ ಸದಸ್ಯರು ಭಾಗವಹಿಸಿದ್ದರು.
ಶಿವನಾಪುರ ಗ್ರಾಪಂ ಕಚೇರಿ ಮುಂಭಾಗದಲ್ಲೇ ಕಸದ ರಾಶಿ!
▪ ತಾವರೆಕೆರೆ: ಹೊಸಕೋಟೆ ತಾಲೂಕಿನ ಶಿವನಾಪುರ ಗ್ರಾಮ ಪಂಚಾಯತಿ ಕಚೇರಿ ಮುಂಭಾಗದಲ್ಲೇ ಕಸದ ರಾಶಿ ಬಿದ್ದಿದ್ದರೂ ಯಾರೂ ಗಮನಹರಿಸುತ್ತಿಲ್ಲ. ಸ್ವಚ್ಛ ಭಾರತ ಅಭಿಯಾನದ ಬಗ್ಗೆ ಪ್ರಚಾರ ಮಾಡುವ ಪಂಚಾಯತಿ ಕಚೇರಿ ಎದುರೇ ಕಸ ರಾಶಿಯಾಗಿ ಬಿದ್ದಿದ್ದು ದುರ್ವಾಸನೆ ಬೀರುತ್ತಿದೆ. ಗ್ರಾಮಸ್ಥರು ಹಲವು ಬಾರಿ ದೂರು ನೀಡಿದರೂ ಕ್ರಮ ಕೈಗೊಂಡಿಲ್ಲ. ಸಾಂಕ್ರಾಮಿಕ ರೋಗಗಳು ಹರಡುವ ಭೀತಿ ಎದುರಾಗಿದೆ. ಕೂಡಲೇ ಸಂಬಂಧಪಟ್ಟ ಅಧಿಕಾರಿಗಳು ಕಸ ವಿಲೇವಾರಿ ಮಾಡಬೇಕು ಎಂದು ಗ್ರಾಮಸ್ಥರು ಆಗ್ರಹಿಸಿದ್ದಾರೆ. ಪಂಚಾಯತಿ ಸಿಬ್ಬಂದಿ ನಿರ್ಲಕ್ಷ್ಯ ವಹಿಸಿದ್ದಾರೆ ಎಂದು ಆರೋಪಿಸಿದರು. ಸ್ಥಳೀಯರು ಪ್ರತಿಭಟನೆ ನಡೆಸುವ ಎಚ್ಚರಿಕೆ ನೀಡಿದ್ದಾರೆ.
ಹೊಸಕೋಟೆ ತಾಲೂಕಿನ ಶಿವನಾಪುರ ಗ್ರಾಮ ಪಂಚಾಯತಿ ಕಚೇರಿ ಮುಂಭಾಗದಲ್ಲೇ ಕಸದ ರಾಶಿ ಬಿದ್ದಿದ್ದರೂ ಯಾರೂ ಗಮನಹರಿಸುತ್ತಿಲ್ಲ. ಸ್ವಚ್ಛ ಭಾರತ ಅಭಿಯಾನದ ಬಗ್ಗೆ ಪ್ರಚಾರ ಮಾಡುವ ಪಂಚಾಯತಿ ಕಚೇರಿ ಎದುರೇ ಕಸ ರಾಶಿಯಾಗಿ ಬಿದ್ದಿದ್ದು ದುರ್ವಾಸನೆ ಬೀರುತ್ತಿದೆ. ಗ್ರಾಮಸ್ಥರು ಹಲವು ಬಾರಿ ದೂರು ನೀಡಿದರೂ ಕ್ರಮ ಕೈಗೊಂಡಿಲ್ಲ. ಸಾಂಕ್ರಾಮಿಕ ರೋಗಗಳು ಹರಡುವ ಭೀತಿ ಎದುರಾಗಿದೆ. ಕೂಡಲೇ ಸಂಬಂಧಪಟ್ಟ ಅಧಿಕಾರಿಗಳು ಕಸ ವಿಲೇವಾರಿ ಮಾಡಬೇಕು ಎಂದು ಗ್ರಾಮಸ್ಥರು ಆಗ್ರಹಿಸಿದ್ದಾರೆ. ಪಂಚಾಯತಿ ಸಿಬ್ಬಂದಿ ನಿರ್ಲಕ್ಷ್ಯ ವಹಿಸಿದ್ದಾರೆ ಎಂದು ಆರೋಪಿಸಿದರು. ಸ್ಥಳೀಯರು ಪ್ರತಿಭಟನೆ ನಡೆಸುವ ಎಚ್ಚರಿಕೆ ನೀಡಿದ್ದಾರೆ.
